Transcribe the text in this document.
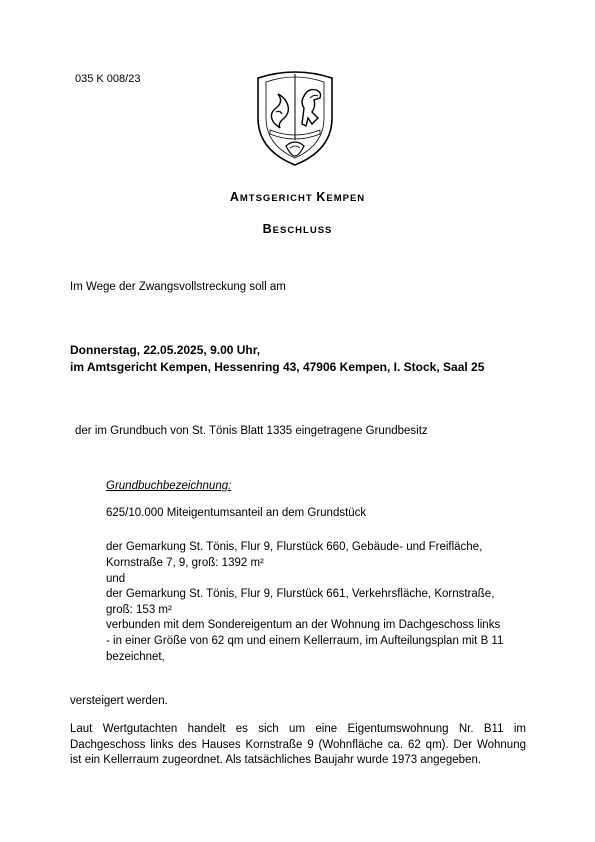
035 K 008/23
AMTSGERICHT KEMPEN
BESCHLUSS
Im Wege der Zwangsvollstreckung soll am
Donnerstag, 22.05.2025, 9.00 Uhr,
im Amtsgericht Kempen, Hessenring 43, 47906 Kempen, I. Stock, Saal 25
der im Grundbuch von St. Tönis Blatt 1335 eingetragene Grundbesitz
Grundbuchbezeichnung:
625/10.000 Miteigentumsanteil an dem Grundstück
der Gemarkung St. Tönis, Flur 9, Flurstück 660, Gebäude- und Freifläche,
Kornstraße 7, 9, groß: 1392 m²
und
der Gemarkung St. Tönis, Flur 9, Flurstück 661, Verkehrsfläche, Kornstraße,
groß: 153 m²
verbunden mit dem Sondereigentum an der Wohnung im Dachgeschoss links
- in einer Größe von 62 qm und einem Kellerraum, im Aufteilungsplan mit B 11
bezeichnet,
versteigert werden.
Laut Wertgutachten handelt es sich um eine Eigentumswohnung Nr. B11 im
Dachgeschoss links des Hauses Kornstraße 9 (Wohnfläche ca. 62 qm). Der Wohnung
ist ein Kellerraum zugeordnet. Als tatsächliches Baujahr wurde 1973 angegeben.
